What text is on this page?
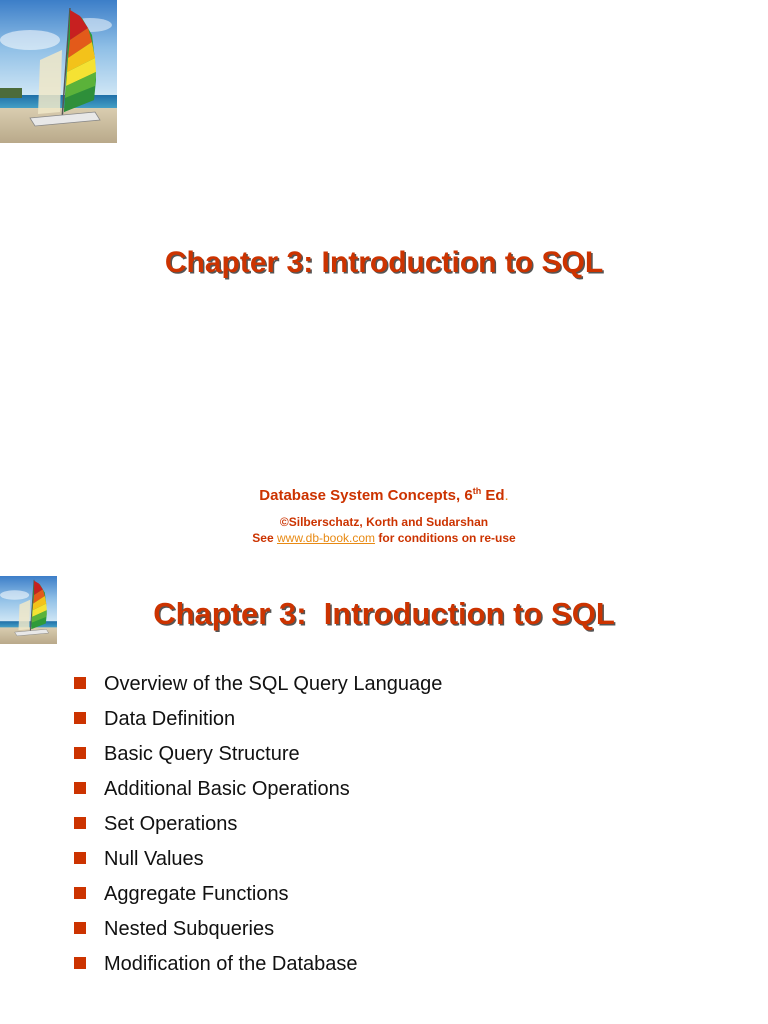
Chapter 3: Introduction to SQL
Database System Concepts, 6th Ed.
©Silberschatz, Korth and Sudarshan
See www.db-book.com for conditions on re-use
Chapter 3:  Introduction to SQL
Overview of the SQL Query Language
Data Definition
Basic Query Structure
Additional Basic Operations
Set Operations
Null Values
Aggregate Functions
Nested Subqueries
Modification of the Database
